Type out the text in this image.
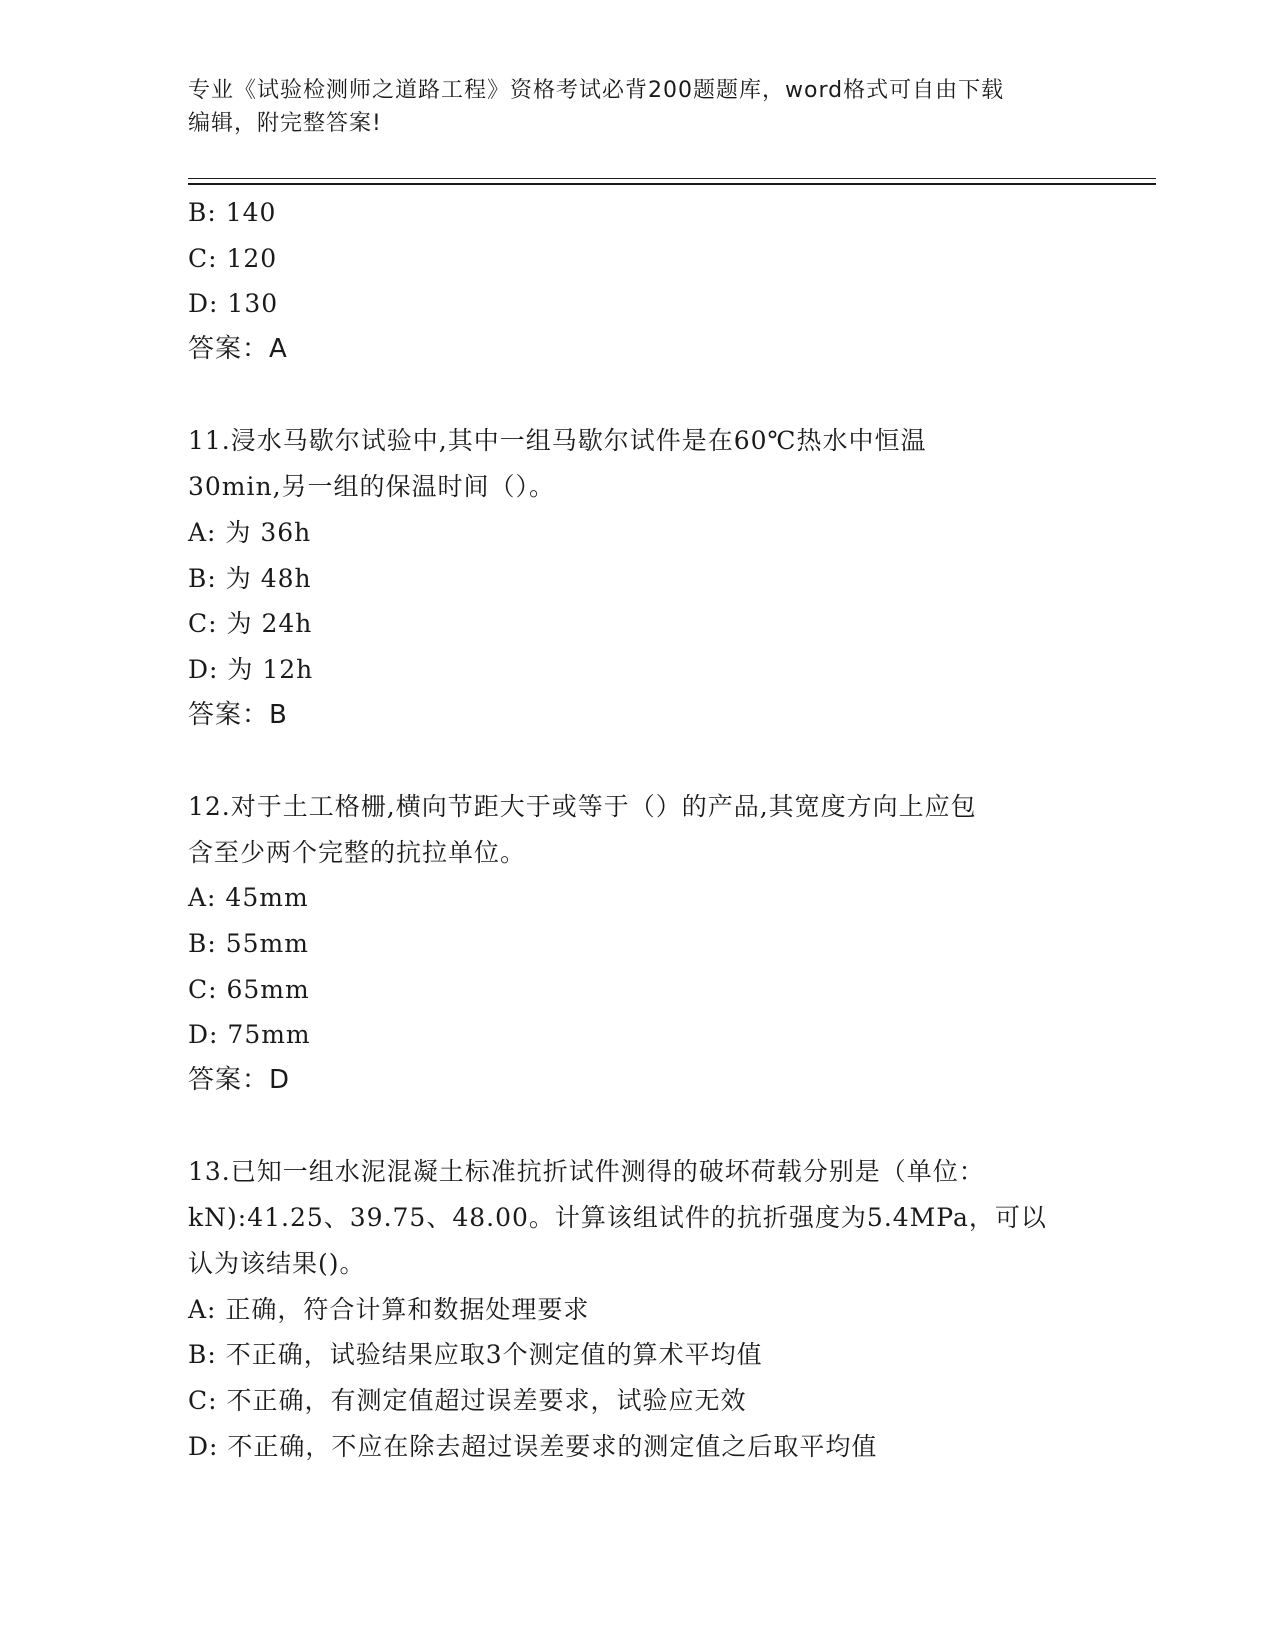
专业《试验检测师之道路工程》资格考试必背200题题库，word格式可自由下载
编辑，附完整答案!
B: 140
C: 120
D: 130
答案：A
11.浸水马歇尔试验中,其中一组马歇尔试件是在60℃热水中恒温
30min,另一组的保温时间（）。
A: 为 36h
B: 为 48h
C: 为 24h
D: 为 12h
答案：B
12.对于土工格栅,横向节距大于或等于（）的产品,其宽度方向上应包
含至少两个完整的抗拉单位。
A: 45mm
B: 55mm
C: 65mm
D: 75mm
答案：D
13.已知一组水泥混凝土标准抗折试件测得的破坏荷载分别是（单位：
kN):41.25、39.75、48.00。计算该组试件的抗折强度为5.4MPa，可以
认为该结果()。
A: 正确，符合计算和数据处理要求
B: 不正确，试验结果应取3个测定值的算术平均值
C: 不正确，有测定值超过误差要求，试验应无效
D: 不正确，不应在除去超过误差要求的测定值之后取平均值
